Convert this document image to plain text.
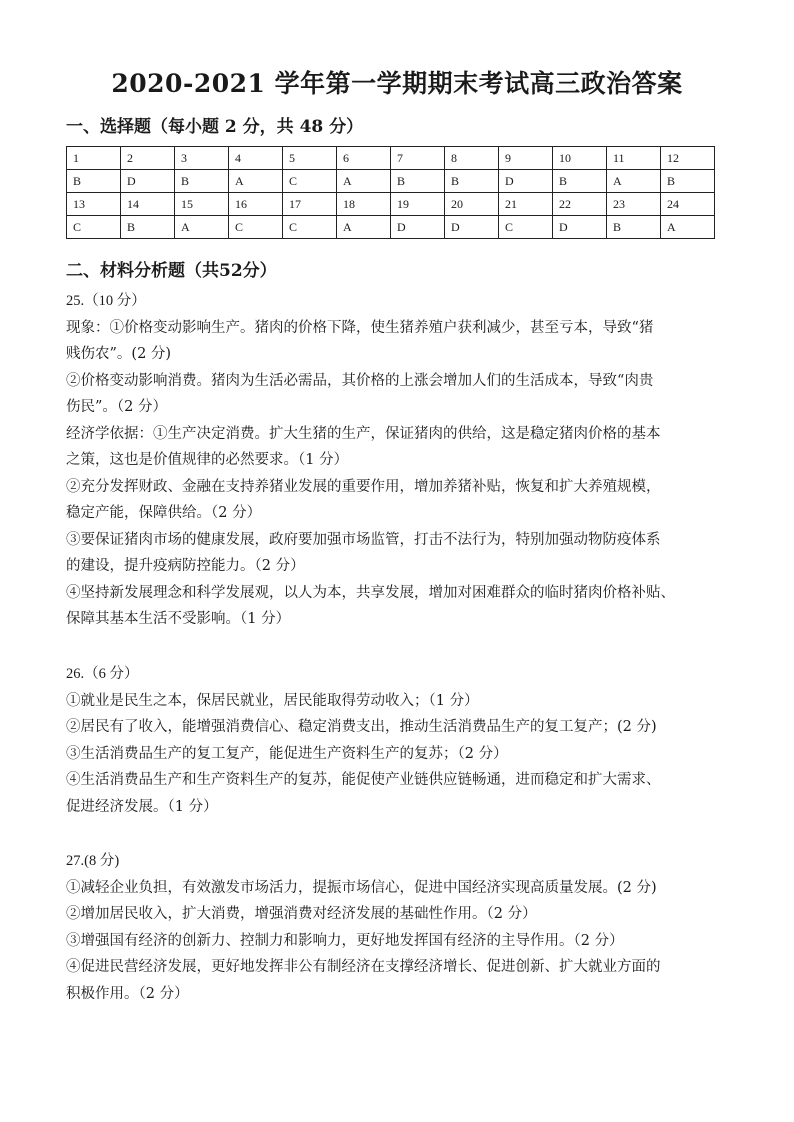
2020-2021 学年第一学期期末考试高三政治答案
一、选择题（每小题 2 分，共 48 分）
1	2	3	4	5	6	7	8	9	10	11	12
B	D	B	A	C	A	B	B	D	B	A	B
13	14	15	16	17	18	19	20	21	22	23	24
C	B	A	C	C	A	D	D	C	D	B	A
二、材料分析题（共52分）

25.（10 分）

现象：①价格变动影响生产。猪肉的价格下降，使生猪养殖户获利减少，甚至亏本，导致“猪

贱伤农”。(2 分)

②价格变动影响消费。猪肉为生活必需品，其价格的上涨会增加人们的生活成本，导致“肉贵

伤民”。（2 分）

经济学依据：①生产决定消费。扩大生猪的生产，保证猪肉的供给，这是稳定猪肉价格的基本

之策，这也是价值规律的必然要求。（1 分）

②充分发挥财政、金融在支持养猪业发展的重要作用，增加养猪补贴，恢复和扩大养殖规模，

稳定产能，保障供给。（2 分）

③要保证猪肉市场的健康发展，政府要加强市场监管，打击不法行为，特别加强动物防疫体系

的建设，提升疫病防控能力。（2 分）

④坚持新发展理念和科学发展观，以人为本，共享发展，增加对困难群众的临时猪肉价格补贴、

保障其基本生活不受影响。（1 分）

26.（6 分）

①就业是民生之本，保居民就业，居民能取得劳动收入；（1 分）

②居民有了收入，能增强消费信心、稳定消费支出，推动生活消费品生产的复工复产；(2 分)

③生活消费品生产的复工复产，能促进生产资料生产的复苏；（2 分）

④生活消费品生产和生产资料生产的复苏，能促使产业链供应链畅通，进而稳定和扩大需求、

促进经济发展。（1 分）

27.(8 分)

①减轻企业负担，有效激发市场活力，提振市场信心，促进中国经济实现高质量发展。(2 分)

②增加居民收入，扩大消费，增强消费对经济发展的基础性作用。（2 分）

③增强国有经济的创新力、控制力和影响力，更好地发挥国有经济的主导作用。（2 分）

④促进民营经济发展，更好地发挥非公有制经济在支撑经济增长、促进创新、扩大就业方面的

积极作用。（2 分）
